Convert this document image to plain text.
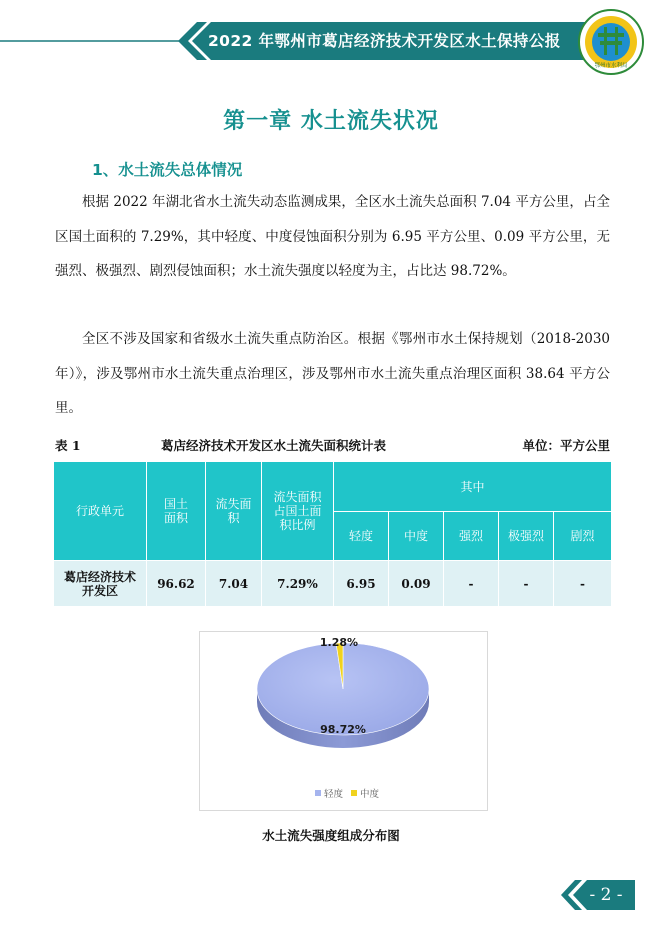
2022 年鄂州市葛店经济技术开发区水土保持公报
鄂州市水利局
第一章 水土流失状况
1、水土流失总体情况

根据 2022 年湖北省水土流失动态监测成果，全区水土流失总面积 7.04 平方公里，占全区国土面积的 7.29%，其中轻度、中度侵蚀面积分别为 6.95 平方公里、0.09 平方公里，无强烈、极强烈、剧烈侵蚀面积；水土流失强度以轻度为主，占比达 98.72%。

全区不涉及国家和省级水土流失重点防治区。根据《鄂州市水土保持规划（2018-2030 年）》，涉及鄂州市水土流失重点治理区，涉及鄂州市水土流失重点治理区面积 38.64 平方公里。

表 1	葛店经济技术开发区水土流失面积统计表	单位：平方公里
行政单元	国土面积	流失面积	流失面积占国土面积比例	其中				
				轻度	中度	强烈	极强烈	剧烈

葛店经济技术开发区	96.62	7.04	7.29%	6.95	0.09	-	-	-
98.72%
1.28%
轻度 中度
水土流失强度组成分布图
- 2 -
